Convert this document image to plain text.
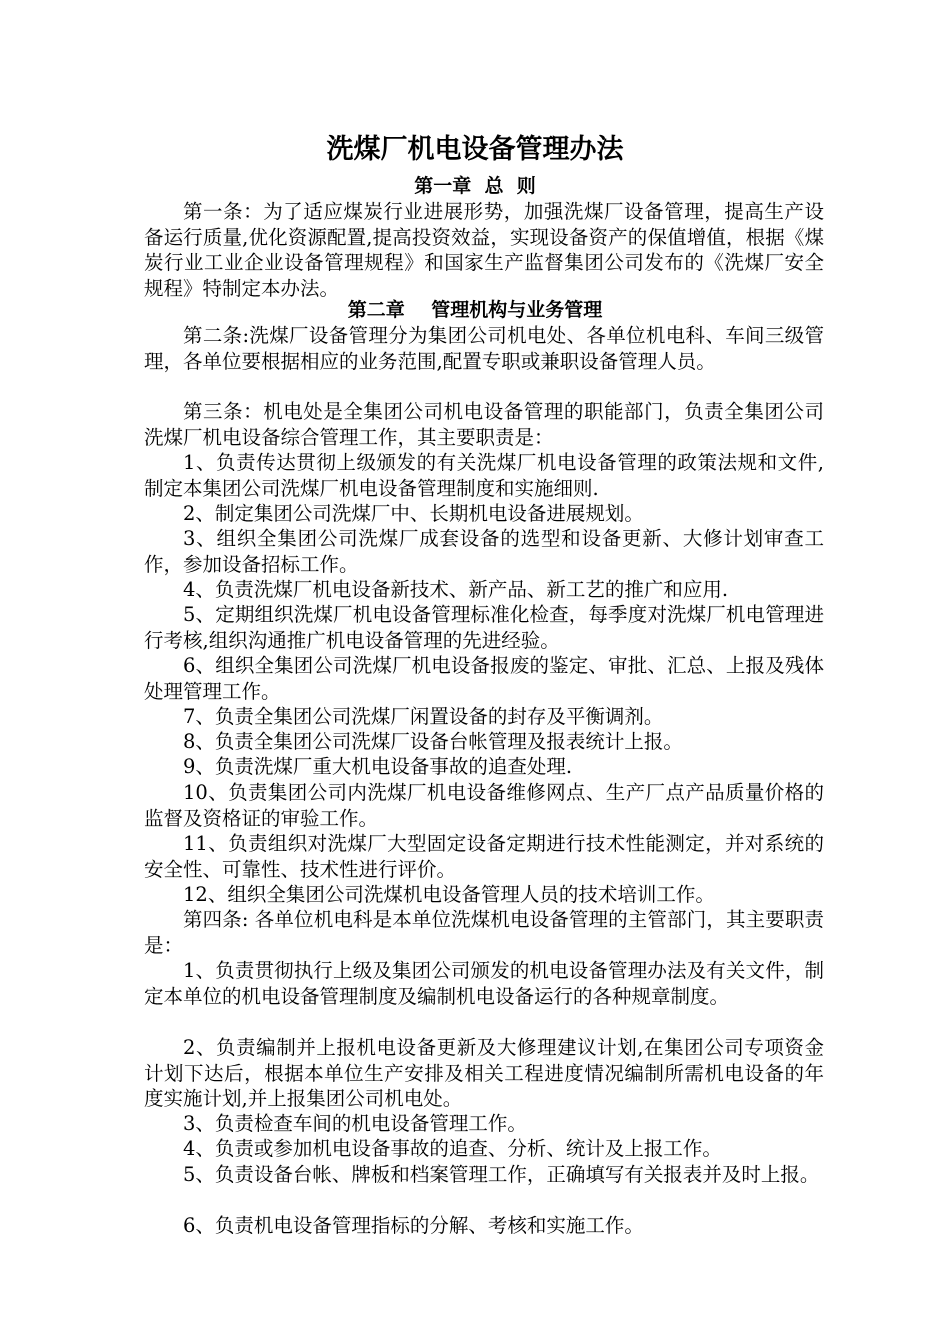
洗煤厂机电设备管理办法
第一章  总  则

第一条：为了适应煤炭行业进展形势，加强洗煤厂设备管理，提高生产设备运行质量,优化资源配置,提高投资效益，实现设备资产的保值增值，根据《煤炭行业工业企业设备管理规程》和国家生产监督集团公司发布的《洗煤厂安全规程》特制定本办法。

第二章    管理机构与业务管理

第二条:洗煤厂设备管理分为集团公司机电处、各单位机电科、车间三级管理，各单位要根据相应的业务范围,配置专职或兼职设备管理人员。

第三条：机电处是全集团公司机电设备管理的职能部门，负责全集团公司洗煤厂机电设备综合管理工作，其主要职责是：

1、负责传达贯彻上级颁发的有关洗煤厂机电设备管理的政策法规和文件,制定本集团公司洗煤厂机电设备管理制度和实施细则.

2、制定集团公司洗煤厂中、长期机电设备进展规划。

3、组织全集团公司洗煤厂成套设备的选型和设备更新、大修计划审查工作，参加设备招标工作。

4、负责洗煤厂机电设备新技术、新产品、新工艺的推广和应用.

5、定期组织洗煤厂机电设备管理标准化检查，每季度对洗煤厂机电管理进行考核,组织沟通推广机电设备管理的先进经验。

6、组织全集团公司洗煤厂机电设备报废的鉴定、审批、汇总、上报及残体处理管理工作。

7、负责全集团公司洗煤厂闲置设备的封存及平衡调剂。

8、负责全集团公司洗煤厂设备台帐管理及报表统计上报。

9、负责洗煤厂重大机电设备事故的追查处理.

10、负责集团公司内洗煤厂机电设备维修网点、生产厂点产品质量价格的监督及资格证的审验工作。

11、负责组织对洗煤厂大型固定设备定期进行技术性能测定，并对系统的安全性、可靠性、技术性进行评价。

12、组织全集团公司洗煤机电设备管理人员的技术培训工作。

第四条: 各单位机电科是本单位洗煤机电设备管理的主管部门，其主要职责是：

1、负责贯彻执行上级及集团公司颁发的机电设备管理办法及有关文件，制定本单位的机电设备管理制度及编制机电设备运行的各种规章制度。

2、负责编制并上报机电设备更新及大修理建议计划,在集团公司专项资金计划下达后，根据本单位生产安排及相关工程进度情况编制所需机电设备的年度实施计划,并上报集团公司机电处。

3、负责检查车间的机电设备管理工作。

4、负责或参加机电设备事故的追查、分析、统计及上报工作。

5、负责设备台帐、牌板和档案管理工作，正确填写有关报表并及时上报。

6、负责机电设备管理指标的分解、考核和实施工作。
